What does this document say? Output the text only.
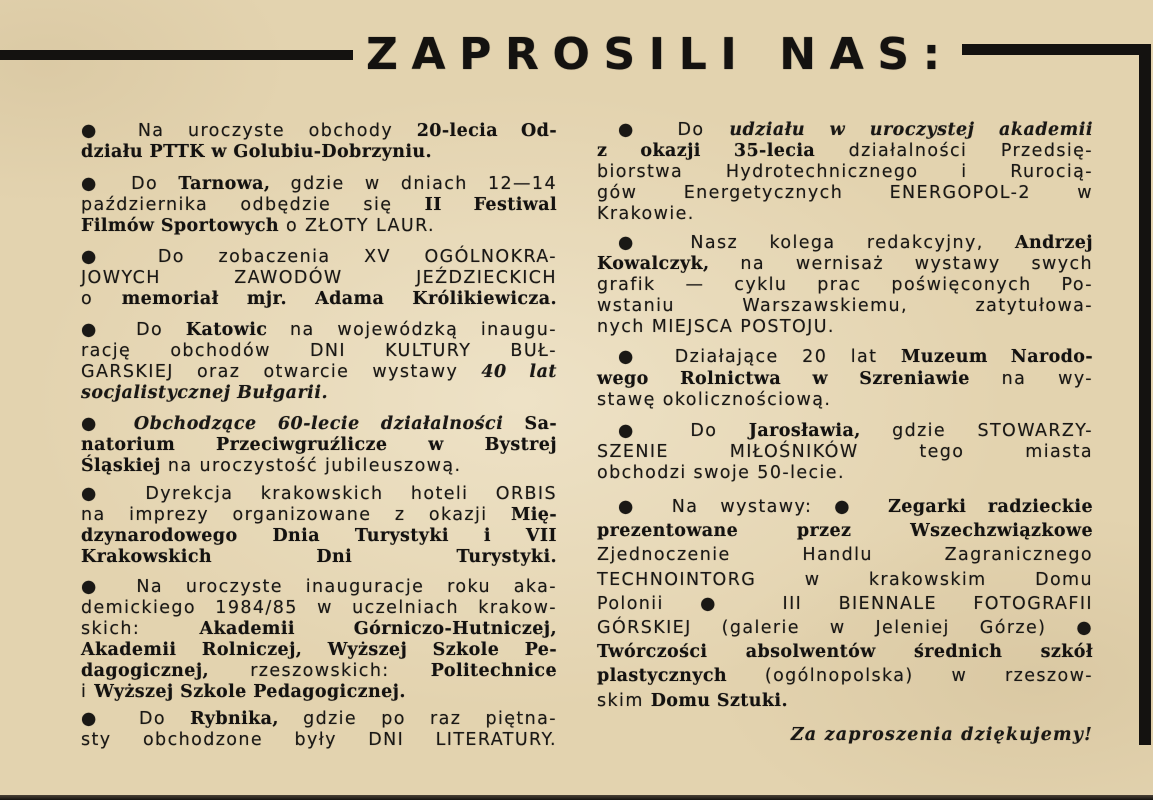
ZAPROSILI NAS:
● Na uroczyste obchody 20-lecia Od-
działu PTTK w Golubiu-Dobrzyniu.
● Do Tarnowa, gdzie w dniach 12—14
października odbędzie się II Festiwal
Filmów Sportowych o ZŁOTY LAUR.
● Do zobaczenia XV OGÓLNOKRA-
JOWYCH ZAWODÓW JEŹDZIECKICH
o memoriał mjr. Adama Królikiewicza.
● Do Katowic na wojewódzką inaugu-
rację obchodów DNI KULTURY BUŁ-
GARSKIEJ oraz otwarcie wystawy 40 lat
socjalistycznej Bułgarii.
● Obchodzące 60-lecie działalności Sa-
natorium Przeciwgruźlicze w Bystrej
Śląskiej na uroczystość jubileuszową.
● Dyrekcja krakowskich hoteli ORBIS
na imprezy organizowane z okazji Mię-
dzynarodowego Dnia Turystyki i VII
Krakowskich Dni Turystyki.
● Na uroczyste inauguracje roku aka-
demickiego 1984/85 w uczelniach krakow-
skich: Akademii Górniczo-Hutniczej,
Akademii Rolniczej, Wyższej Szkole Pe-
dagogicznej, rzeszowskich: Politechnice
i Wyższej Szkole Pedagogicznej.
● Do Rybnika, gdzie po raz piętna-
sty obchodzone były DNI LITERATURY.
● Do udziału w uroczystej akademii
z okazji 35-lecia działalności Przedsię-
biorstwa Hydrotechnicznego i Rurocią-
gów Energetycznych ENERGOPOL-2 w
Krakowie.
● Nasz kolega redakcyjny, Andrzej
Kowalczyk, na wernisaż wystawy swych
grafik — cyklu prac poświęconych Po-
wstaniu Warszawskiemu, zatytułowa-
nych MIEJSCA POSTOJU.
● Działające 20 lat Muzeum Narodo-
wego Rolnictwa w Szreniawie na wy-
stawę okolicznościową.
● Do Jarosławia, gdzie STOWARZY-
SZENIE MIŁOŚNIKÓW tego miasta
obchodzi swoje 50-lecie.
● Na wystawy: ● Zegarki radzieckie
prezentowane przez Wszechzwiązkowe
Zjednoczenie Handlu Zagranicznego
TECHNOINTORG w krakowskim Domu
Polonii ● III BIENNALE FOTOGRAFII
GÓRSKIEJ (galerie w Jeleniej Górze) ●
Twórczości absolwentów średnich szkół
plastycznych (ogólnopolska) w rzeszow-
skim Domu Sztuki.
Za zaproszenia dziękujemy!
